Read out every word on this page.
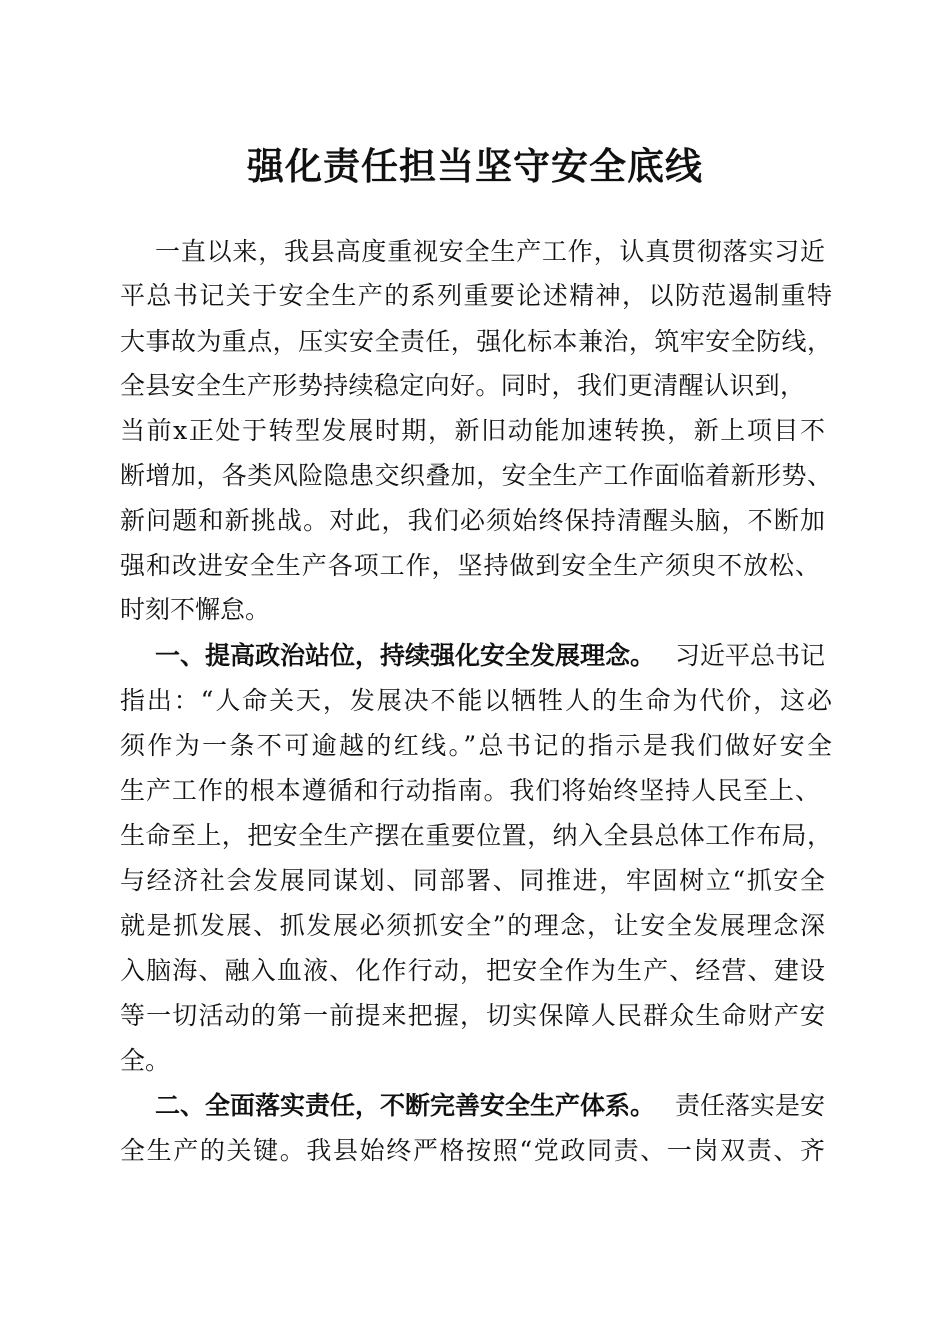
强化责任担当坚守安全底线
一直以来，我县高度重视安全生产工作，认真贯彻落实习近
平总书记关于安全生产的系列重要论述精神，以防范遏制重特
大事故为重点，压实安全责任，强化标本兼治，筑牢安全防线，
全县安全生产形势持续稳定向好。同时，我们更清醒认识到，
当前x正处于转型发展时期，新旧动能加速转换，新上项目不
断增加，各类风险隐患交织叠加，安全生产工作面临着新形势、
新问题和新挑战。对此，我们必须始终保持清醒头脑，不断加
强和改进安全生产各项工作，坚持做到安全生产须臾不放松、
时刻不懈怠。
一、提高政治站位，持续强化安全发展理念。 习近平总书记
指出：“人命关天，发展决不能以牺牲人的生命为代价，这必
须作为一条不可逾越的红线。”总书记的指示是我们做好安全
生产工作的根本遵循和行动指南。我们将始终坚持人民至上、
生命至上，把安全生产摆在重要位置，纳入全县总体工作布局，
与经济社会发展同谋划、同部署、同推进，牢固树立“抓安全
就是抓发展、抓发展必须抓安全”的理念，让安全发展理念深
入脑海、融入血液、化作行动，把安全作为生产、经营、建设
等一切活动的第一前提来把握，切实保障人民群众生命财产安
全。
二、全面落实责任，不断完善安全生产体系。 责任落实是安
全生产的关键。我县始终严格按照“党政同责、一岗双责、齐
